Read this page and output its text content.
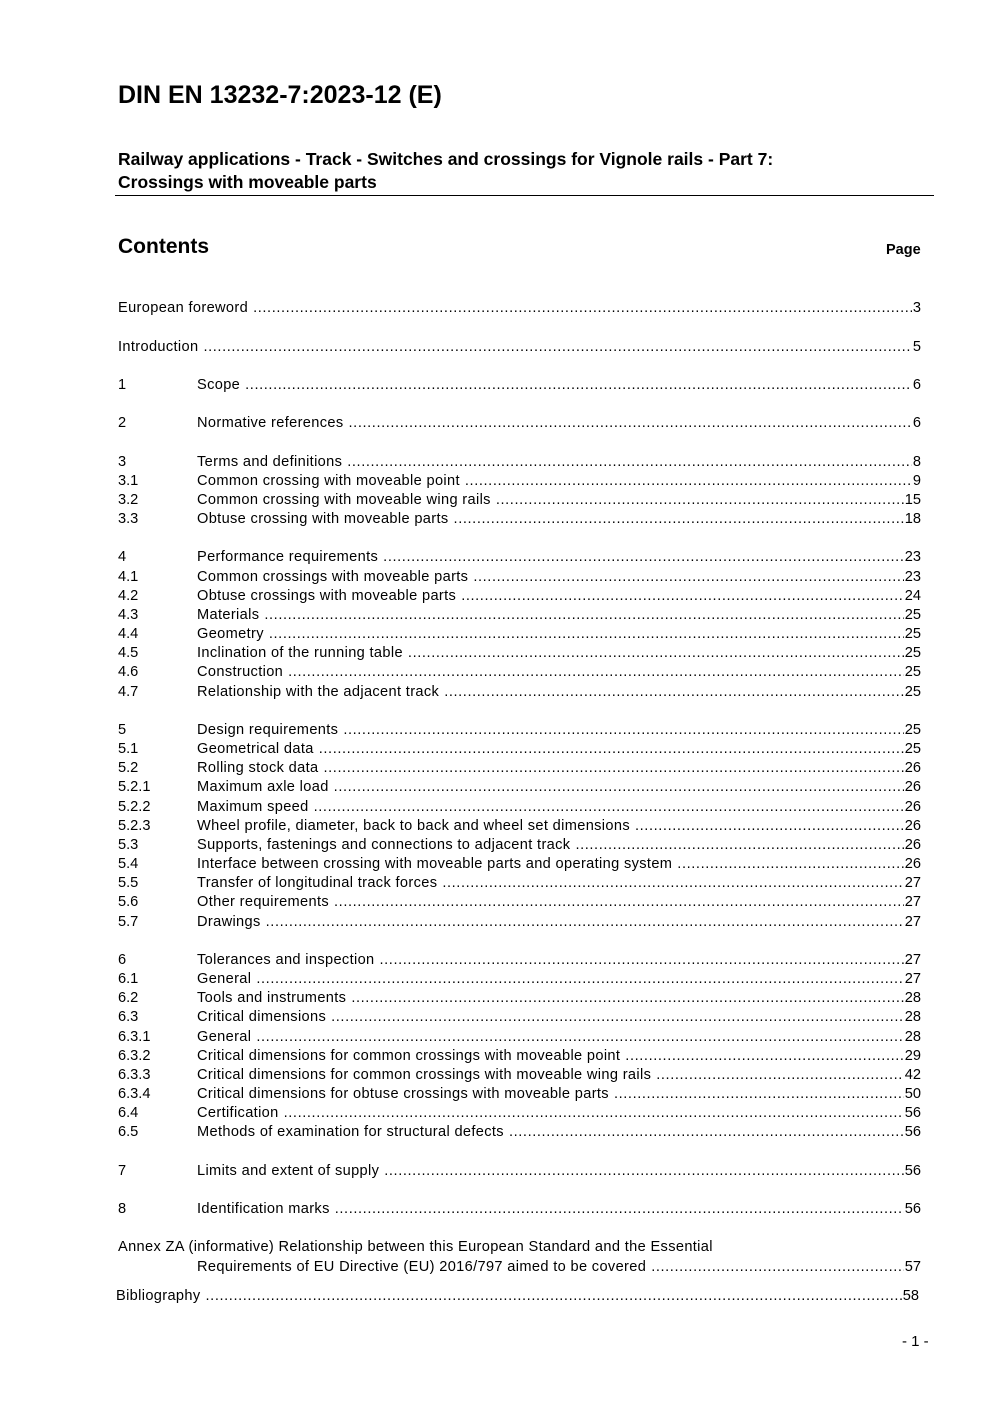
DIN EN 13232-7:2023-12 (E)
Railway applications - Track - Switches and crossings for Vignole rails - Part 7:
Crossings with moveable parts
Contents	Page
European foreword .....	3
Introduction .....	5
1	Scope .....	6
2	Normative references .....	6
3	Terms and definitions .....	8
3.1	Common crossing with moveable point .....	9
3.2	Common crossing with moveable wing rails .....	15
3.3	Obtuse crossing with moveable parts .....	18
4	Performance requirements .....	23
4.1	Common crossings with moveable parts .....	23
4.2	Obtuse crossings with moveable parts .....	24
4.3	Materials .....	25
4.4	Geometry .....	25
4.5	Inclination of the running table .....	25
4.6	Construction .....	25
4.7	Relationship with the adjacent track .....	25
5	Design requirements .....	25
5.1	Geometrical data .....	25
5.2	Rolling stock data .....	26
5.2.1	Maximum axle load .....	26
5.2.2	Maximum speed .....	26
5.2.3	Wheel profile, diameter, back to back and wheel set dimensions .....	26
5.3	Supports, fastenings and connections to adjacent track .....	26
5.4	Interface between crossing with moveable parts and operating system .....	26
5.5	Transfer of longitudinal track forces .....	27
5.6	Other requirements .....	27
5.7	Drawings .....	27
6	Tolerances and inspection .....	27
6.1	General .....	27
6.2	Tools and instruments .....	28
6.3	Critical dimensions .....	28
6.3.1	General .....	28
6.3.2	Critical dimensions for common crossings with moveable point .....	29
6.3.3	Critical dimensions for common crossings with moveable wing rails .....	42
6.3.4	Critical dimensions for obtuse crossings with moveable parts .....	50
6.4	Certification .....	56
6.5	Methods of examination for structural defects .....	56
7	Limits and extent of supply .....	56
8	Identification marks .....	56
Annex ZA (informative) Relationship between this European Standard and the Essential
Requirements of EU Directive (EU) 2016/797 aimed to be covered .....	57
Bibliography .....	58
- 1 -
